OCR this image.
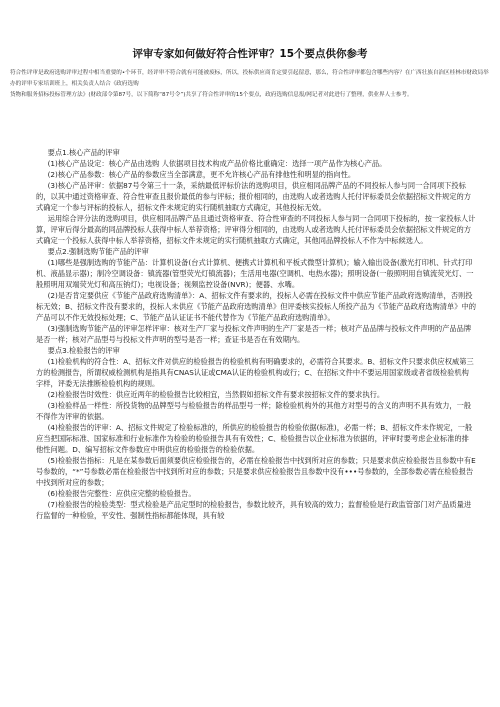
评审专家如何做好符合性评审？15个要点供你参考

符合性评审是政府选购评审过程中相当重要的•个环节，经评审不符合就有可能被废标，所以，投标供应商肯定要引起留意，那么，符合性评审都包含哪些内容？在广西壮族自治区桂林市财政局举办的评审专家培训班上，相关负责人结合《政府选购

货物和服务招标投标管理方法》(财政部令第87号，以下简称“87号令”)共享了符合性评审的15个要点，政府选购信息报/网记者对此进行了整理，供业界人士参考。

要点1.核心产品的评审

(1)核心产品设定：核心产品由选购 人依据项目技术构成产品价格比重确定：选择一项产品作为核心产品。

(2)核心产品参数：核心产品的参数应当全部满意，更不允许核心产品有排他性和明显的指向性。

(3)核心产品评审：依据87号令第三十一条，采纳最低评标价法的选购项目，供应相同品牌产品的不同投标人参与同一合同项下投标的，以其中通过资格审查、符合性审查且报价最低的参与评标；报价相同的，由选购人或者选购人托付评标委员会依据招标文件规定的方式确定一个参与评标的投标人，招标文件未规定的实行随机抽取方式确定，其他投标无效。

运用综合评分法的选购项目，供应相同品牌产品且通过资格审查、符合性审查的不同投标人参与同一合同项下投标的，按一家投标人计算，评审后得分最高的同品牌投标人获得中标人举荐资格；评审得分相同的，由选购人或者选购人托付评标委员会依据招标文件规定的方式确定一个投标人获得中标人举荐资格，招标文件未规定的实行随机抽取方式确定，其他同品牌投标人不作为中标候选人。

要点2.强制选购节能产品的评审

(1)哪些是强制选购的节能产品：计算机设备(台式计算机、便携式计算机和平板式微型计算机)；输入输出设备(激光打印机、针式打印机、液晶显示器)；制冷空调设备：镇流器(管型荧光灯镇流器)；生活用电器(空调机、电热水器)；照明设备(一般照明用自镇流荧光灯、一般照明用双端荧光灯和高压钠灯)；电视设备；视频监控设备(NVR)；便器、水嘴。

(2)是否肯定要供应《节能产品政府选购清单》：A、招标文件有要求的，投标人必需在投标文件中供应节能产品政府选购清单，否则投标无效；B、招标文件没有要求的，投标人未供应《节能产品政府选购清单》但评委核实投标人所投产品为《节能产品政府选购清单》中的产品可以不作无效投标处理；C、节能产品认证证书不能代替作为《节能产品政府选购清单》。

(3)强制选购节能产品的评审怎样评审：核对生产厂家与投标文件声明的生产厂家是否一样；核对产品品牌与投标文件声明的产品品牌是否一样；核对产品型号与投标文件声明的型号是否一样；查证书是否在有效期内。

要点3.检验报告的评审

(1)检验机构的符合性：A、招标文件对供应的检验报告的检验机构有明确要求的，必需符合其要求。B、招标文件只要求供应权威第三方的检测报告，所谓权威检测机构是指具有CNAS认证或CMA认证的检验机构或行；C、在招标文件中不要运用国家级或者省级检验机构字样，评委无法推断检验机构的规则。

(2)检验报告时效性：供应近两年的检验报告比较相宜，当然假如招标文件有要求按招标文件的要求执行。

(3)检验样品一样性：所投货物的品牌型号与检验报告的样品型号一样；除检验机构外的其他方对型号的含义的声明不具有效力，一般不得作为评审的依据。

(4)检验报告的评审：A、招标文件规定了检验标准的，所供应的检验报告的检验依据(标准)，必需一样；B、招标文件未作规定，一般应当把国际标准、国家标准和行业标准作为检验的检验报告具有有效性；C、检验报告以企业标准为依据的，评审时要考虑企业标准的排他性问题。D、编写招标文件参数应中明供应的检验报告的检验依据。

(5)检验报告指标：凡是在某参数后面须要供应检验报告的，必需在检验报告中找到所对应的参数；只是要求供应检验报告且参数中有E号参数的，“*”号参数必需在检验报告中找到所对应的参数；只是要求供应检验报告且参数中没有•••号参数的，全部参数必需在检验报告中找到所对应的参数；

(6)检验报告完整性：应供应完整的检验报告。

(7)检验报告的检验类型：型式检验是产品定型时的检验报告，参数比较齐，具有较高的效力；监督检验是行政监管部门对产品质量进行监督的一种检验，平安性、强制性指标都能体现，具有较
